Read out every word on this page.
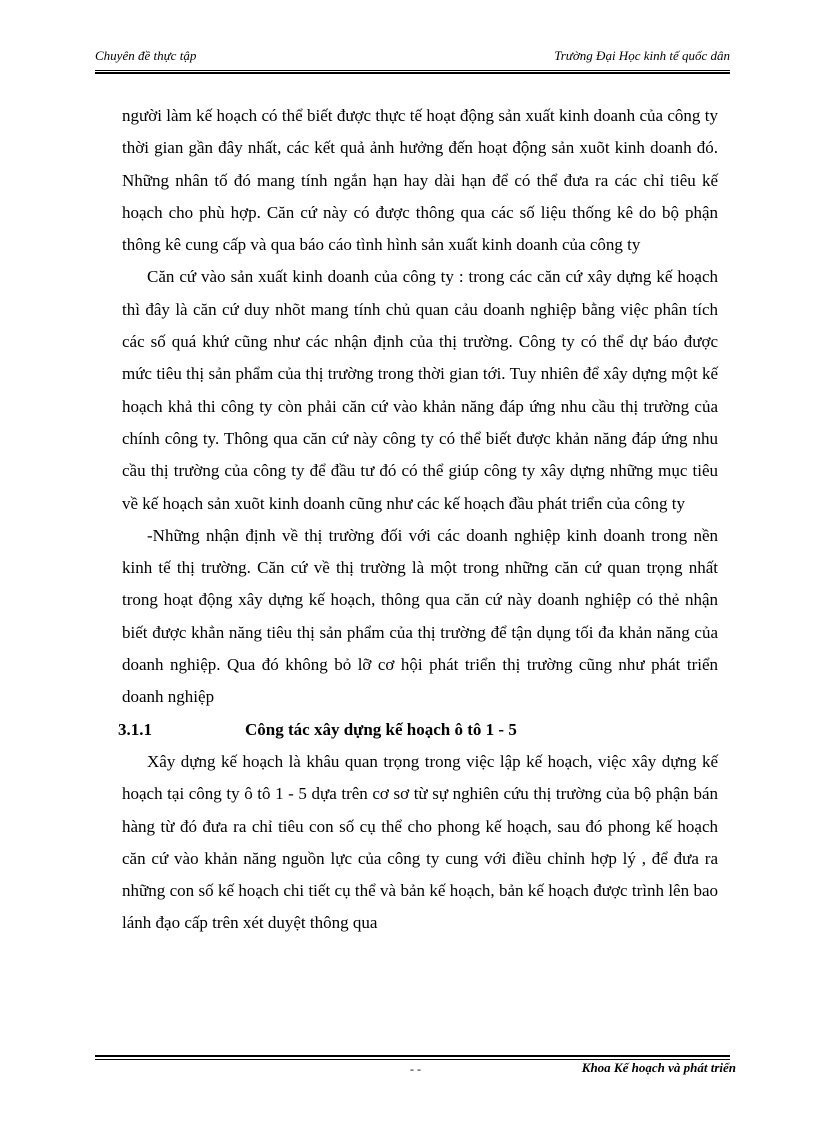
Chuyên đề thực tập	Trường Đại Học kinh tế quốc dân

người làm kế hoạch có thể biết được thực tế hoạt động sản xuất kinh doanh của công ty thời gian gần đây nhất, các kết quả ảnh hưởng đến hoạt động sản xuõt kinh doanh đó. Những nhân tố đó mang tính ngắn hạn hay dài hạn để có thể đưa ra các chỉ tiêu kế hoạch cho phù hợp. Căn cứ này có được thông qua các số liệu thống kê do bộ phận thông kê cung cấp và qua báo cáo tình hình sản xuất kinh doanh của công ty

Căn cứ vào sản xuất kinh doanh của công ty : trong các căn cứ xây dựng kế hoạch thì đây là căn cứ duy nhõt mang tính chủ quan cảu doanh nghiệp bằng việc phân tích các số quá khứ cũng như các nhận định của thị trường. Công ty có thể dự báo được mức tiêu thị sản phẩm của thị trường trong thời gian tới. Tuy nhiên để xây dựng một kế hoạch khả thi công ty còn phải căn cứ vào khản năng đáp ứng nhu cầu thị trường của chính công ty. Thông qua căn cứ này công ty có thể biết được khản năng đáp ứng nhu cầu thị trường của công ty để đầu tư đó có thể giúp công ty xây dựng những mục tiêu về kế hoạch sản xuõt kinh doanh cũng như các kế hoạch đầu phát triển của công ty

-Những nhận định về thị trường đối với các doanh nghiệp kinh doanh trong nền kinh tế thị trường. Căn cứ về thị trường là một trong những căn cứ quan trọng nhất trong hoạt động xây dựng kế hoạch, thông qua căn cứ này doanh nghiệp có thẻ nhận biết được khẳn năng tiêu thị sản phẩm của thị trường để tận dụng tối đa khản năng của doanh nghiệp. Qua đó không bỏ lỡ cơ hội phát triển thị trường cũng như phát triển doanh nghiệp

3.1.1	Công tác xây dựng kế hoạch ô tô 1 - 5

Xây dựng kế hoạch là khâu quan trọng trong việc lập kế hoạch, việc xây dựng kế hoạch tại công ty ô tô 1 - 5 dựa trên cơ sơ từ sự nghiên cứu thị trường của bộ phận bán hàng từ đó đưa ra chỉ tiêu con số cụ thể cho phong kế hoạch, sau đó phong kế hoạch căn cứ vào khản năng nguồn lực của công ty cung với điều chỉnh hợp lý , để đưa ra những con số kế hoạch chi tiết cụ thể và bản kế hoạch, bản kế hoạch được trình lên bao lánh đạo cấp trên xét duyệt thông qua

- -	Khoa Kế hoạch và phát triển
